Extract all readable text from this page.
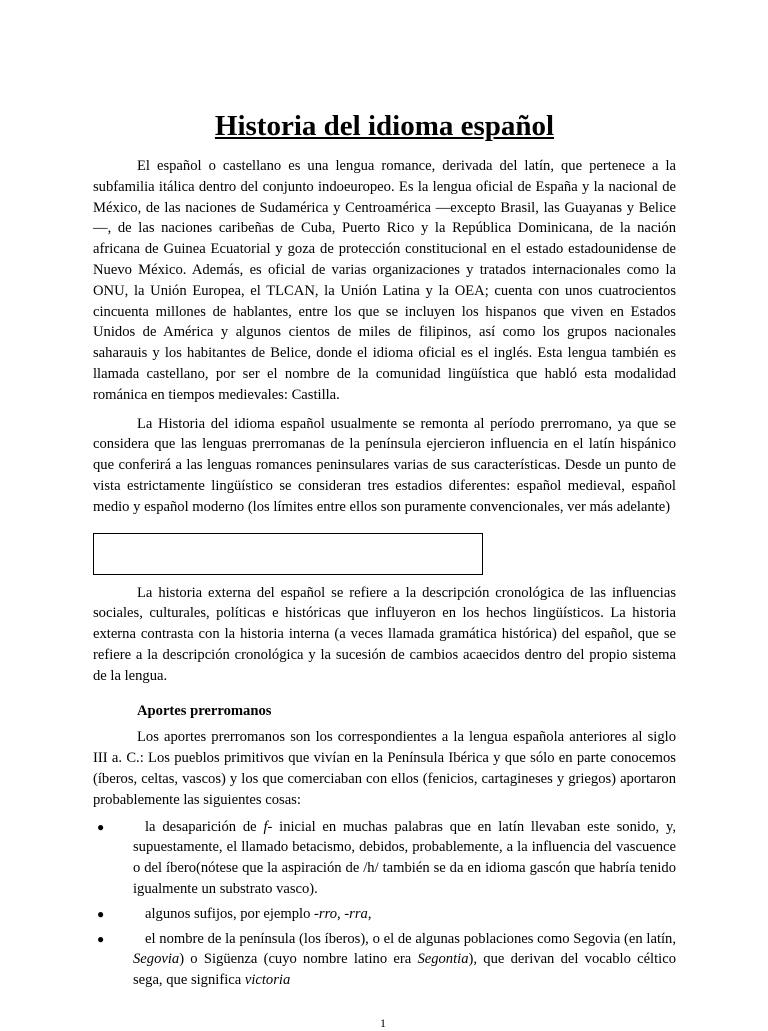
Historia del idioma español

El español o castellano es una lengua romance, derivada del latín, que pertenece a la subfamilia itálica dentro del conjunto indoeuropeo. Es la lengua oficial de España y la nacional de México, de las naciones de Sudamérica y Centroamérica —excepto Brasil, las Guayanas y Belice—, de las naciones caribeñas de Cuba, Puerto Rico y la República Dominicana, de la nación africana de Guinea Ecuatorial y goza de protección constitucional en el estado estadounidense de Nuevo México. Además, es oficial de varias organizaciones y tratados internacionales como la ONU, la Unión Europea, el TLCAN, la Unión Latina y la OEA; cuenta con unos cuatrocientos cincuenta millones de hablantes, entre los que se incluyen los hispanos que viven en Estados Unidos de América y algunos cientos de miles de filipinos, así como los grupos nacionales saharauis y los habitantes de Belice, donde el idioma oficial es el inglés. Esta lengua también es llamada castellano, por ser el nombre de la comunidad lingüística que habló esta modalidad románica en tiempos medievales: Castilla.

La Historia del idioma español usualmente se remonta al período prerromano, ya que se considera que las lenguas prerromanas de la península ejercieron influencia en el latín hispánico que conferirá a las lenguas romances peninsulares varias de sus características. Desde un punto de vista estrictamente lingüístico se consideran tres estadios diferentes: español medieval, español medio y español moderno (los límites entre ellos son puramente convencionales, ver más adelante)

La historia externa del español se refiere a la descripción cronológica de las influencias sociales, culturales, políticas e históricas que influyeron en los hechos lingüísticos. La historia externa contrasta con la historia interna (a veces llamada gramática histórica) del español, que se refiere a la descripción cronológica y la sucesión de cambios acaecidos dentro del propio sistema de la lengua.

Aportes prerromanos

Los aportes prerromanos son los correspondientes a la lengua española anteriores al siglo III a. C.: Los pueblos primitivos que vivían en la Península Ibérica y que sólo en parte conocemos (íberos, celtas, vascos) y los que comerciaban con ellos (fenicios, cartagineses y griegos) aportaron probablemente las siguientes cosas:

●	la desaparición de f- inicial en muchas palabras que en latín llevaban este sonido, y, supuestamente, el llamado betacismo, debidos, probablemente, a la influencia del vascuence o del íbero(nótese que la aspiración de /h/ también se da en idioma gascón que habría tenido igualmente un substrato vasco).
●	algunos sufijos, por ejemplo -rro, -rra,
●	el nombre de la península (los íberos), o el de algunas poblaciones como Segovia (en latín, Segovia) o Sigüenza (cuyo nombre latino era Segontia), que derivan del vocablo céltico sega, que significa victoria
1
